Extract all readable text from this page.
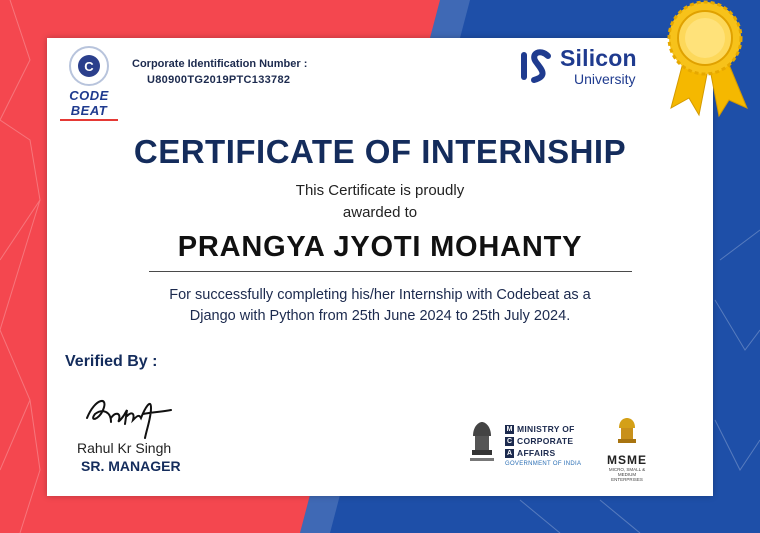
C
CODE BEAT
Corporate Identification Number :
U80900TG2019PTC133782
Silicon
University
CERTIFICATE OF INTERNSHIP
This Certificate is proudly
awarded to
PRANGYA JYOTI MOHANTY
For successfully completing his/her Internship with Codebeat as a
Django with Python from 25th June 2024 to 25th July 2024.
Verified By :
Rahul Kr Singh
SR. MANAGER
M MINISTRY OF
C CORPORATE
A AFFAIRS
GOVERNMENT OF INDIA	MSME
MICRO, SMALL & MEDIUM ENTERPRISES
